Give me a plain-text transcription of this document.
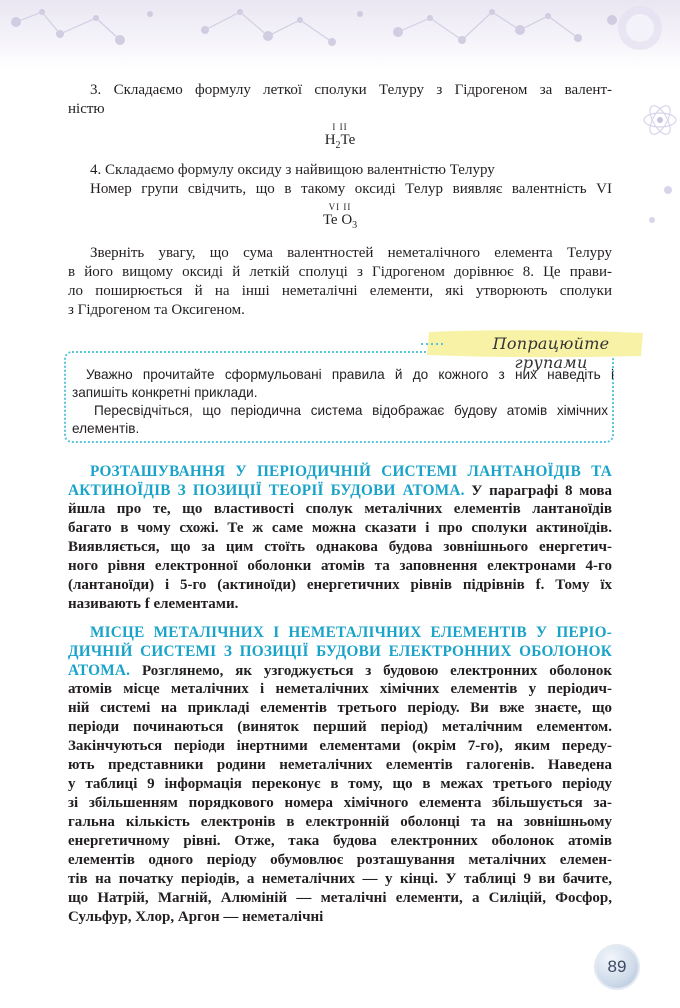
3. Складаємо формулу леткої сполуки Телуру з Гідрогеном за валент-

ністю

I II
$H_2Te$

4. Складаємо формулу оксиду з найвищою валентністю Телуру

Номер групи свідчить, що в такому оксиді Телур виявляє валентність VI

VI II
Te $O_3$

Зверніть увагу, що сума валентностей неметалічного елемента Телуру

в його вищому оксиді й леткій сполуці з Гідрогеном дорівнює 8. Це прави-

ло поширюється й на інші неметалічні елементи, які утворюють сполуки

з Гідрогеном та Оксигеном.

Попрацюйте групами

Уважно прочитайте сформульовані правила й до кожного з них наведіть і

запишіть конкретні приклади.

Пересвідчіться, що періодична система відображає будову атомів хімічних

елементів.

РОЗТАШУВАННЯ У ПЕРІОДИЧНІЙ СИСТЕМІ ЛАНТАНОЇДІВ ТА

АКТИНОЇДІВ З ПОЗИЦІЇ ТЕОРІЇ БУДОВИ АТОМА. У параграфі 8 мова

йшла про те, що властивості сполук металічних елементів лантаноїдів

багато в чому схожі. Те ж саме можна сказати і про сполуки актиноїдів.

Виявляється, що за цим стоїть однакова будова зовнішнього енергетич-

ного рівня електронної оболонки атомів та заповнення електронами 4-го

(лантаноїди) і 5-го (актиноїди) енергетичних рівнів підрівнів f. Тому їх

називають f елементами.

МІСЦЕ МЕТАЛІЧНИХ І НЕМЕТАЛІЧНИХ ЕЛЕМЕНТІВ У ПЕРІО-

ДИЧНІЙ СИСТЕМІ З ПОЗИЦІЇ БУДОВИ ЕЛЕКТРОННИХ ОБОЛОНОК

АТОМА. Розглянемо, як узгоджується з будовою електронних оболонок

атомів місце металічних і неметалічних хімічних елементів у періодич-

ній системі на прикладі елементів третього періоду. Ви вже знаєте, що

періоди починаються (виняток перший період) металічним елементом.

Закінчуються періоди інертними елементами (окрім 7-го), яким переду-

ють представники родини неметалічних елементів галогенів. Наведена

у таблиці 9 інформація переконує в тому, що в межах третього періоду

зі збільшенням порядкового номера хімічного елемента збільшується за-

гальна кількість електронів в електронній оболонці та на зовнішньому

енергетичному рівні. Отже, така будова електронних оболонок атомів

елементів одного періоду обумовлює розташування металічних елемен-

тів на початку періодів, а неметалічних — у кінці. У таблиці 9 ви бачите,

що Натрій, Магній, Алюміній — металічні елементи, а Силіцій, Фосфор,

Сульфур, Хлор, Аргон — неметалічні

89
